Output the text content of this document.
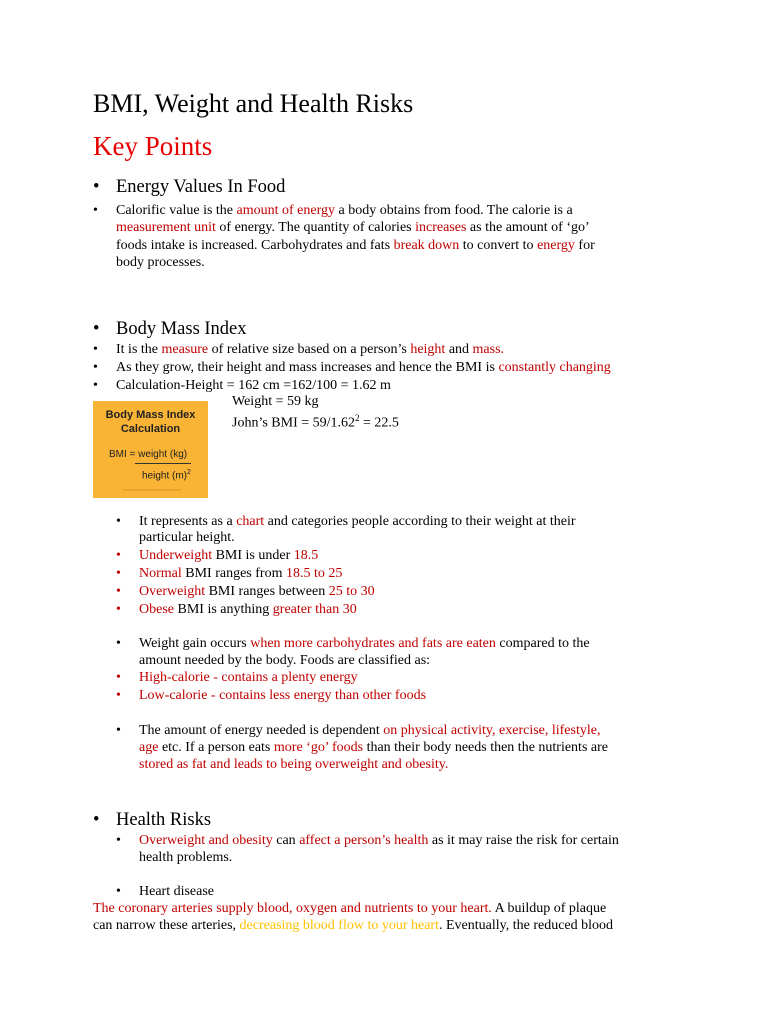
BMI, Weight and Health Risks
Key Points
• Energy Values In Food
• Calorific value is the amount of energy a body obtains from food. The calorie is a
measurement unit of energy. The quantity of calories increases as the amount of ‘go’
foods intake is increased. Carbohydrates and fats break down to convert to energy for
body processes.
• Body Mass Index
• It is the measure of relative size based on a person’s height and mass.
• As they grow, their height and mass increases and hence the BMI is constantly changing
• Calculation-Height = 162 cm =162/100 = 1.62 m
Weight = 59 kg
John’s BMI = $59/1.62^2 = 22.5$
Body Mass Index
Calculation
BMI = weight (kg)
height $(m)^2$
• It represents as a chart and categories people according to their weight at their
particular height.
• Underweight BMI is under 18.5
• Normal BMI ranges from 18.5 to 25
• Overweight BMI ranges between 25 to 30
• Obese BMI is anything greater than 30
• Weight gain occurs when more carbohydrates and fats are eaten compared to the
amount needed by the body. Foods are classified as:
• High-calorie - contains a plenty energy
• Low-calorie - contains less energy than other foods
• The amount of energy needed is dependent on physical activity, exercise, lifestyle,
age etc. If a person eats more ‘go’ foods than their body needs then the nutrients are
stored as fat and leads to being overweight and obesity.
• Health Risks
• Overweight and obesity can affect a person’s health as it may raise the risk for certain
health problems.
• Heart disease
The coronary arteries supply blood, oxygen and nutrients to your heart. A buildup of plaque
can narrow these arteries, decreasing blood flow to your heart. Eventually, the reduced blood
